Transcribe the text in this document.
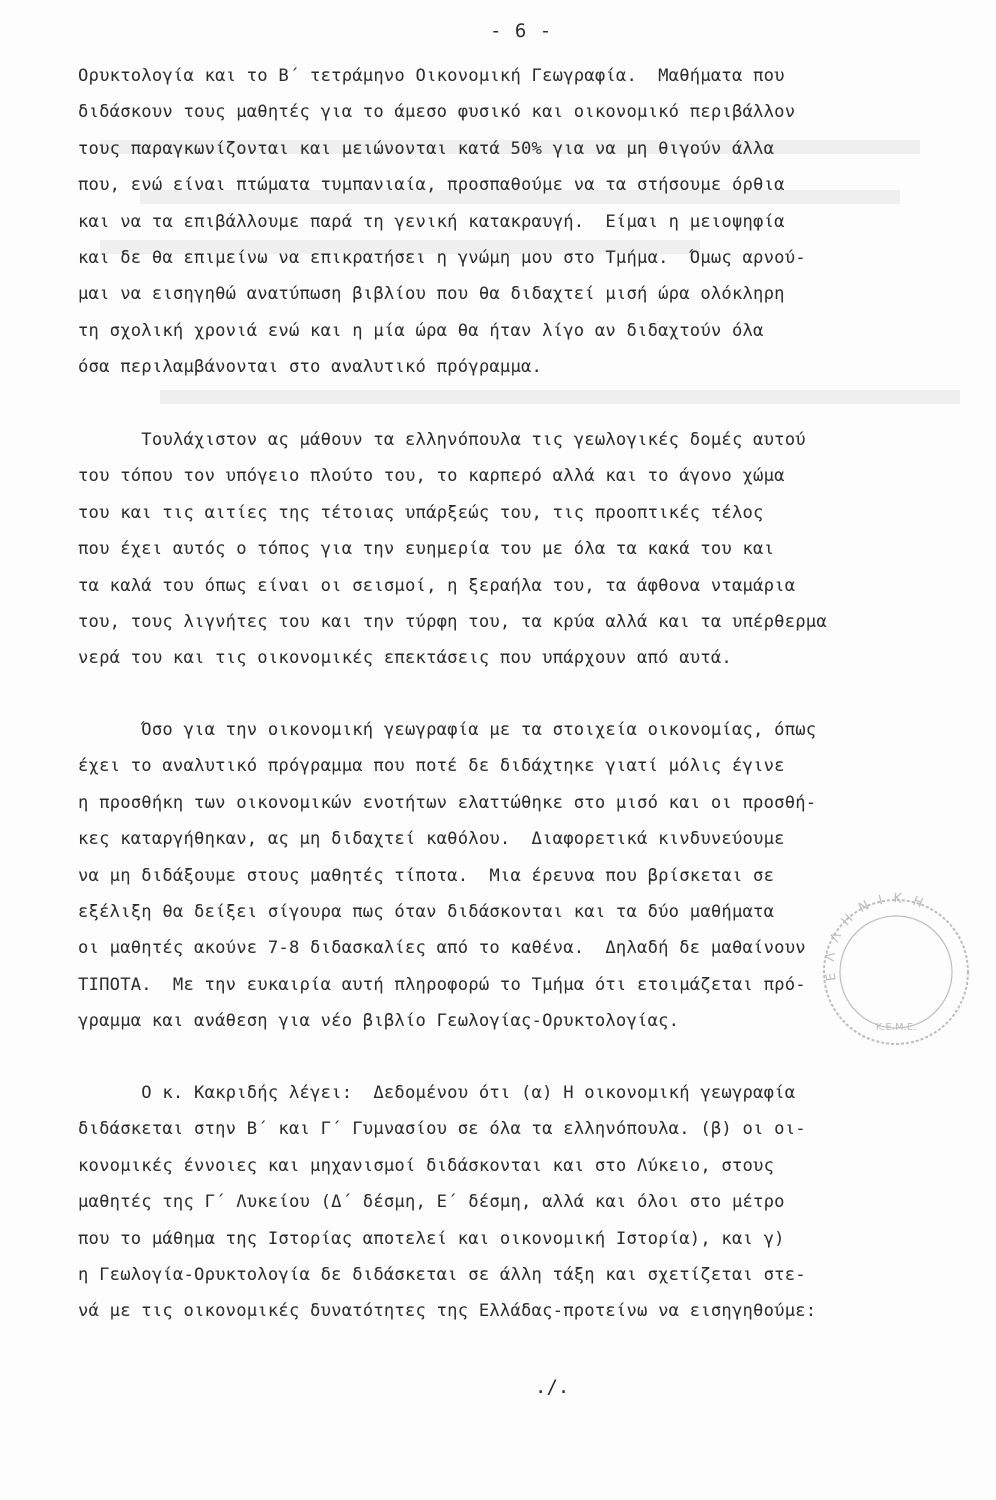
- 6 -
Ορυκτολογία και το Β΄ τετράμηνο Οικονομική Γεωγραφία.  Μαθήματα που
διδάσκουν τους μαθητές για το άμεσο φυσικό και οικονομικό περιβάλλον
τους παραγκωνίζονται και μειώνονται κατά 50% για να μη θιγούν άλλα
που, ενώ είναι πτώματα τυμπανιαία, προσπαθούμε να τα στήσουμε όρθια
και να τα επιβάλλουμε παρά τη γενική κατακραυγή.  Είμαι η μειοψηφία
και δε θα επιμείνω να επικρατήσει η γνώμη μου στο Τμήμα.  Όμως αρνού-
μαι να εισηγηθώ ανατύπωση βιβλίου που θα διδαχτεί μισή ώρα ολόκληρη
τη σχολική χρονιά ενώ και η μία ώρα θα ήταν λίγο αν διδαχτούν όλα
όσα περιλαμβάνονται στο αναλυτικό πρόγραμμα.
Τουλάχιστον ας μάθουν τα ελληνόπουλα τις γεωλογικές δομές αυτού
του τόπου τον υπόγειο πλούτο του, το καρπερό αλλά και το άγονο χώμα
του και τις αιτίες της τέτοιας υπάρξεώς του, τις προοπτικές τέλος
που έχει αυτός ο τόπος για την ευημερία του με όλα τα κακά του και
τα καλά του όπως είναι οι σεισμοί, η ξεραήλα του, τα άφθονα νταμάρια
του, τους λιγνήτες του και την τύρφη του, τα κρύα αλλά και τα υπέρθερμα
νερά του και τις οικονομικές επεκτάσεις που υπάρχουν από αυτά.
Όσο για την οικονομική γεωγραφία με τα στοιχεία οικονομίας, όπως
έχει το αναλυτικό πρόγραμμα που ποτέ δε διδάχτηκε γιατί μόλις έγινε
η προσθήκη των οικονομικών ενοτήτων ελαττώθηκε στο μισό και οι προσθή-
κες καταργήθηκαν, ας μη διδαχτεί καθόλου.  Διαφορετικά κινδυνεύουμε
να μη διδάξουμε στους μαθητές τίποτα.  Μια έρευνα που βρίσκεται σε
εξέλιξη θα δείξει σίγουρα πως όταν διδάσκονται και τα δύο μαθήματα
οι μαθητές ακούνε 7-8 διδασκαλίες από το καθένα.  Δηλαδή δε μαθαίνουν
ΤΙΠΟΤΑ.  Με την ευκαιρία αυτή πληροφορώ το Τμήμα ότι ετοιμάζεται πρό-
γραμμα και ανάθεση για νέο βιβλίο Γεωλογίας-Ορυκτολογίας.
Ο κ. Κακριδής λέγει:  Δεδομένου ότι (α) Η οικονομική γεωγραφία
διδάσκεται στην Β΄ και Γ΄ Γυμνασίου σε όλα τα ελληνόπουλα. (β) οι οι-
κονομικές έννοιες και μηχανισμοί διδάσκονται και στο Λύκειο, στους
μαθητές της Γ΄ Λυκείου (Δ΄ δέσμη, Ε΄ δέσμη, αλλά και όλοι στο μέτρο
που το μάθημα της Ιστορίας αποτελεί και οικονομική Ιστορία), και γ)
η Γεωλογία-Ορυκτολογία δε διδάσκεται σε άλλη τάξη και σχετίζεται στε-
νά με τις οικονομικές δυνατότητες της Ελλάδας-προτείνω να εισηγηθούμε:
./.
Ε Λ Λ Η Ν Ι Κ Η
Κ.Ε.Μ.Ε.
